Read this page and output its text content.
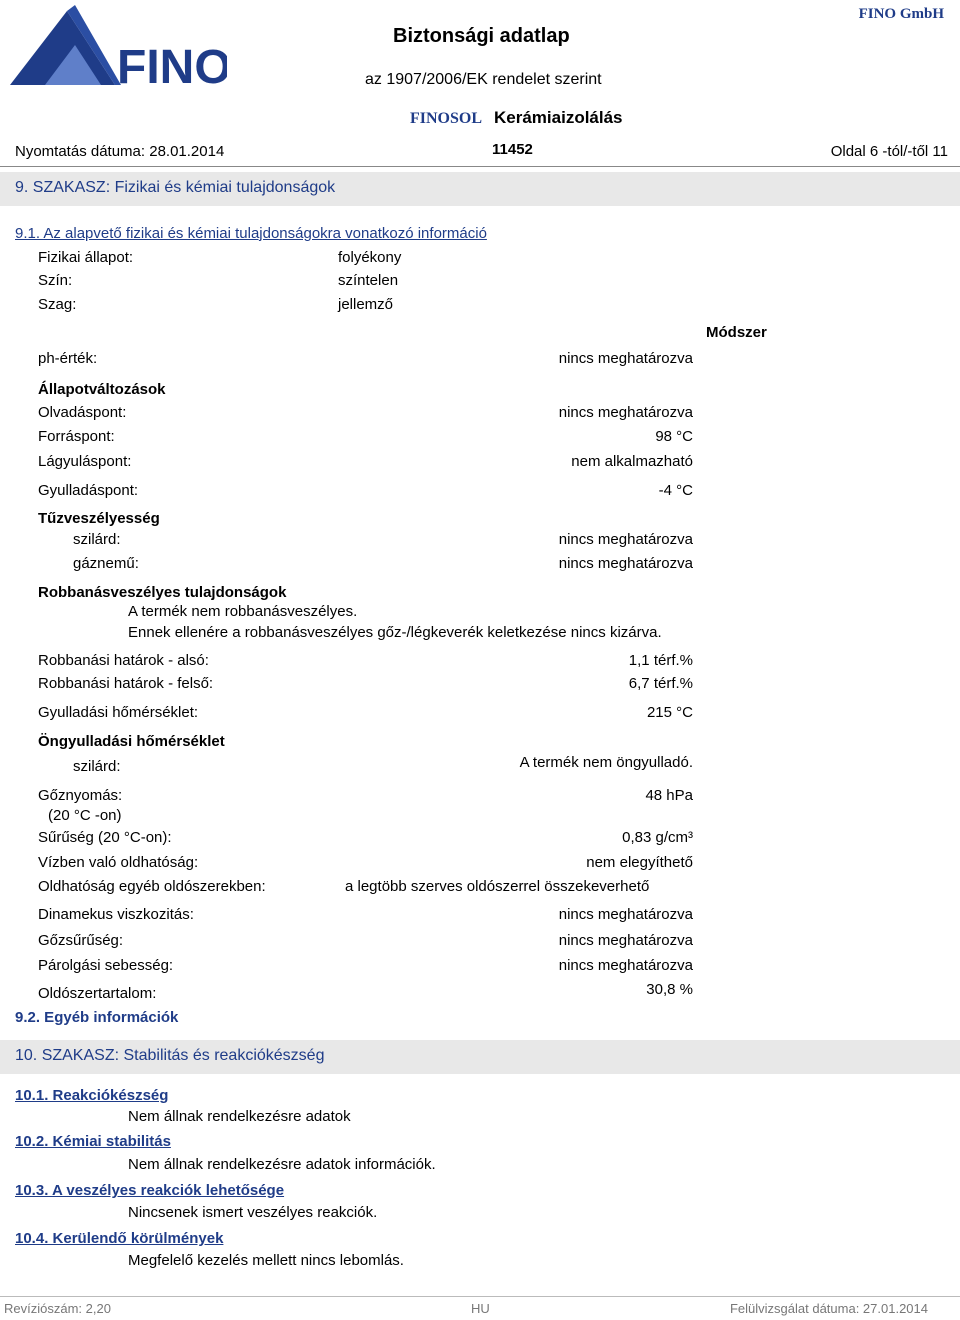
FINO
Biztonsági adatlap
FINO GmbH
az 1907/2006/EK rendelet szerint
FINOSOL Kerámiaizolálás
Nyomtatás dátuma: 28.01.2014	11452	Oldal 6 -tól/-től 11
9. SZAKASZ: Fizikai és kémiai tulajdonságok
9.1. Az alapvető fizikai és kémiai tulajdonságokra vonatkozó információ
Fizikai állapot:	folyékony
Szín:	színtelen
Szag:	jellemző
Módszer
ph-érték:	nincs meghatározva
Állapotváltozások
Olvadáspont:	nincs meghatározva
Forráspont:	98 °C
Lágyuláspont:	nem alkalmazható
Gyulladáspont:	-4 °C
Tűzveszélyesség
szilárd:	nincs meghatározva
gáznemű:	nincs meghatározva
Robbanásveszélyes tulajdonságok
A termék nem robbanásveszélyes.
Ennek ellenére a robbanásveszélyes gőz-/légkeverék keletkezése nincs kizárva.
Robbanási határok - alsó:	1,1 térf.%
Robbanási határok - felső:	6,7 térf.%
Gyulladási hőmérséklet:	215 °C
Öngyulladási hőmérséklet
szilárd:	A termék nem öngyulladó.
Gőznyomás:	48 hPa
(20 °C -on)
Sűrűség (20 °C-on):	0,83 g/cm³
Vízben való oldhatóság:	nem elegyíthető
Oldhatóság egyéb oldószerekben:	a legtöbb szerves oldószerrel összekeverhető
Dinamekus viszkozitás:	nincs meghatározva
Gőzsűrűség:	nincs meghatározva
Párolgási sebesség:	nincs meghatározva
Oldószertartalom:	30,8 %
9.2. Egyéb információk
10. SZAKASZ: Stabilitás és reakciókészség
10.1. Reakciókészség
Nem állnak rendelkezésre adatok
10.2. Kémiai stabilitás
Nem állnak rendelkezésre adatok információk.
10.3. A veszélyes reakciók lehetősége
Nincsenek ismert veszélyes reakciók.
10.4. Kerülendő körülmények
Megfelelő kezelés mellett nincs lebomlás.
Revíziószám: 2,20	HU	Felülvizsgálat dátuma: 27.01.2014
